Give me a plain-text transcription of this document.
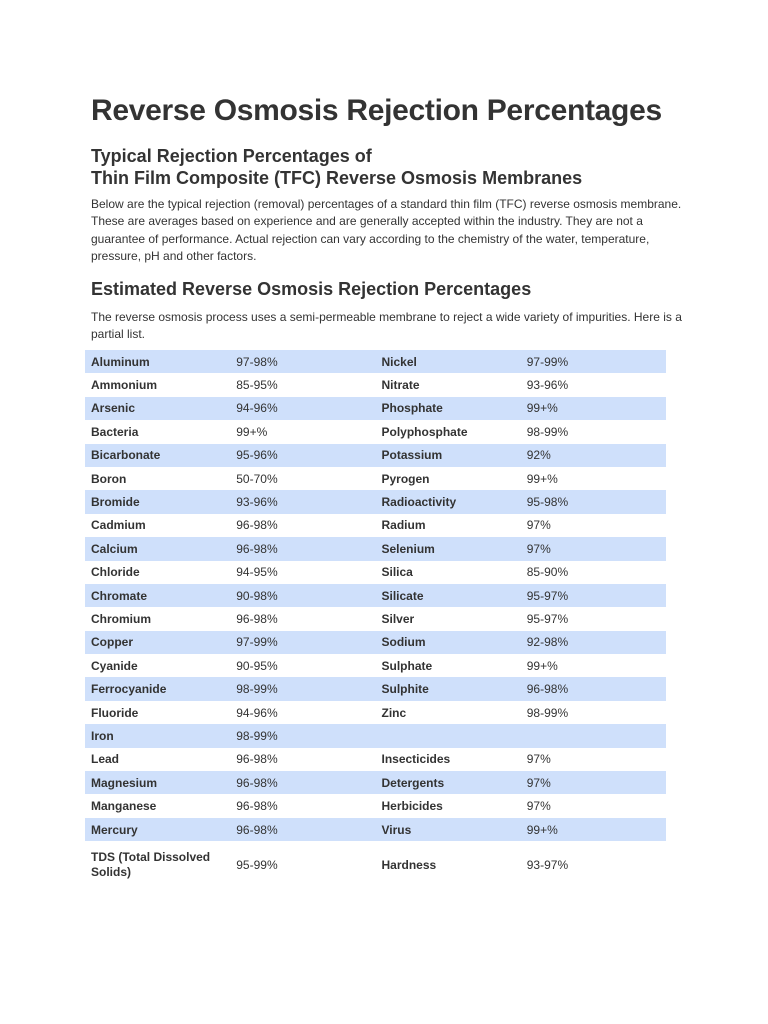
Reverse Osmosis Rejection Percentages
Typical Rejection Percentages of
Thin Film Composite (TFC) Reverse Osmosis Membranes

Below are the typical rejection (removal) percentages of a standard thin film (TFC) reverse osmosis membrane. These are averages based on experience and are generally accepted within the industry. They are not a guarantee of performance. Actual rejection can vary according to the chemistry of the water, temperature, pressure, pH and other factors.

Estimated Reverse Osmosis Rejection Percentages

The reverse osmosis process uses a semi-permeable membrane to reject a wide variety of impurities. Here is a partial list.

Aluminum	97-98%	Nickel	97-99%
Ammonium	85-95%	Nitrate	93-96%
Arsenic	94-96%	Phosphate	99+%
Bacteria	99+%	Polyphosphate	98-99%
Bicarbonate	95-96%	Potassium	92%
Boron	50-70%	Pyrogen	99+%
Bromide	93-96%	Radioactivity	95-98%
Cadmium	96-98%	Radium	97%
Calcium	96-98%	Selenium	97%
Chloride	94-95%	Silica	85-90%
Chromate	90-98%	Silicate	95-97%
Chromium	96-98%	Silver	95-97%
Copper	97-99%	Sodium	92-98%
Cyanide	90-95%	Sulphate	99+%
Ferrocyanide	98-99%	Sulphite	96-98%
Fluoride	94-96%	Zinc	98-99%
Iron	98-99%		
Lead	96-98%	Insecticides	97%
Magnesium	96-98%	Detergents	97%
Manganese	96-98%	Herbicides	97%
Mercury	96-98%	Virus	99+%
TDS (Total Dissolved Solids)	95-99%	Hardness	93-97%
